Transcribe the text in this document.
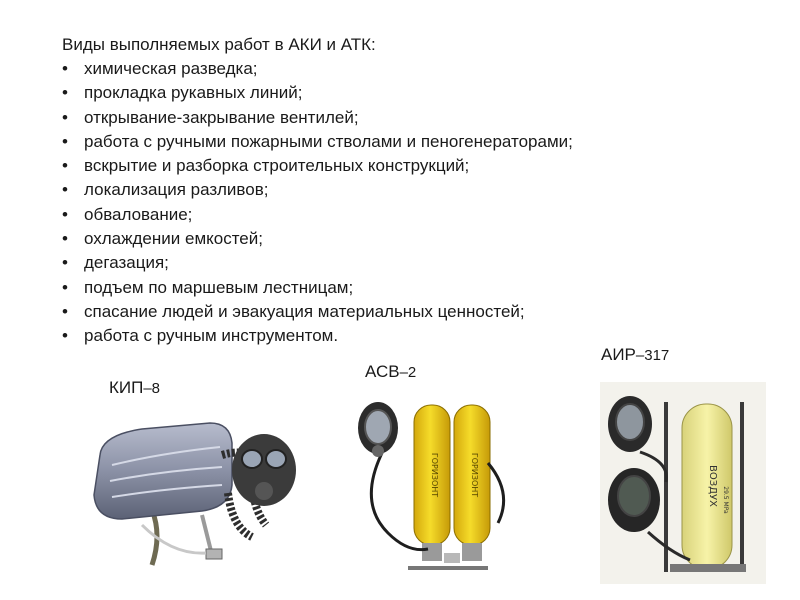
Виды выполняемых работ в АКИ и АТК:
• химическая разведка;
• прокладка рукавных линий;
• открывание-закрывание вентилей;
• работа с ручными пожарными стволами и пеногенераторами;
• вскрытие и разборка строительных конструкций;
• локализация разливов;
• обвалование;
• охлаждении емкостей;
• дегазация;
• подъем по маршевым лестницам;
• спасание людей и эвакуация материальных ценностей;
• работа с ручным инструментом.
КИП–8
АСВ–2
АИР–317
ГОРИЗОНТ	ГОРИЗОНТ	ВОЗДУХ 29.5 MPa
